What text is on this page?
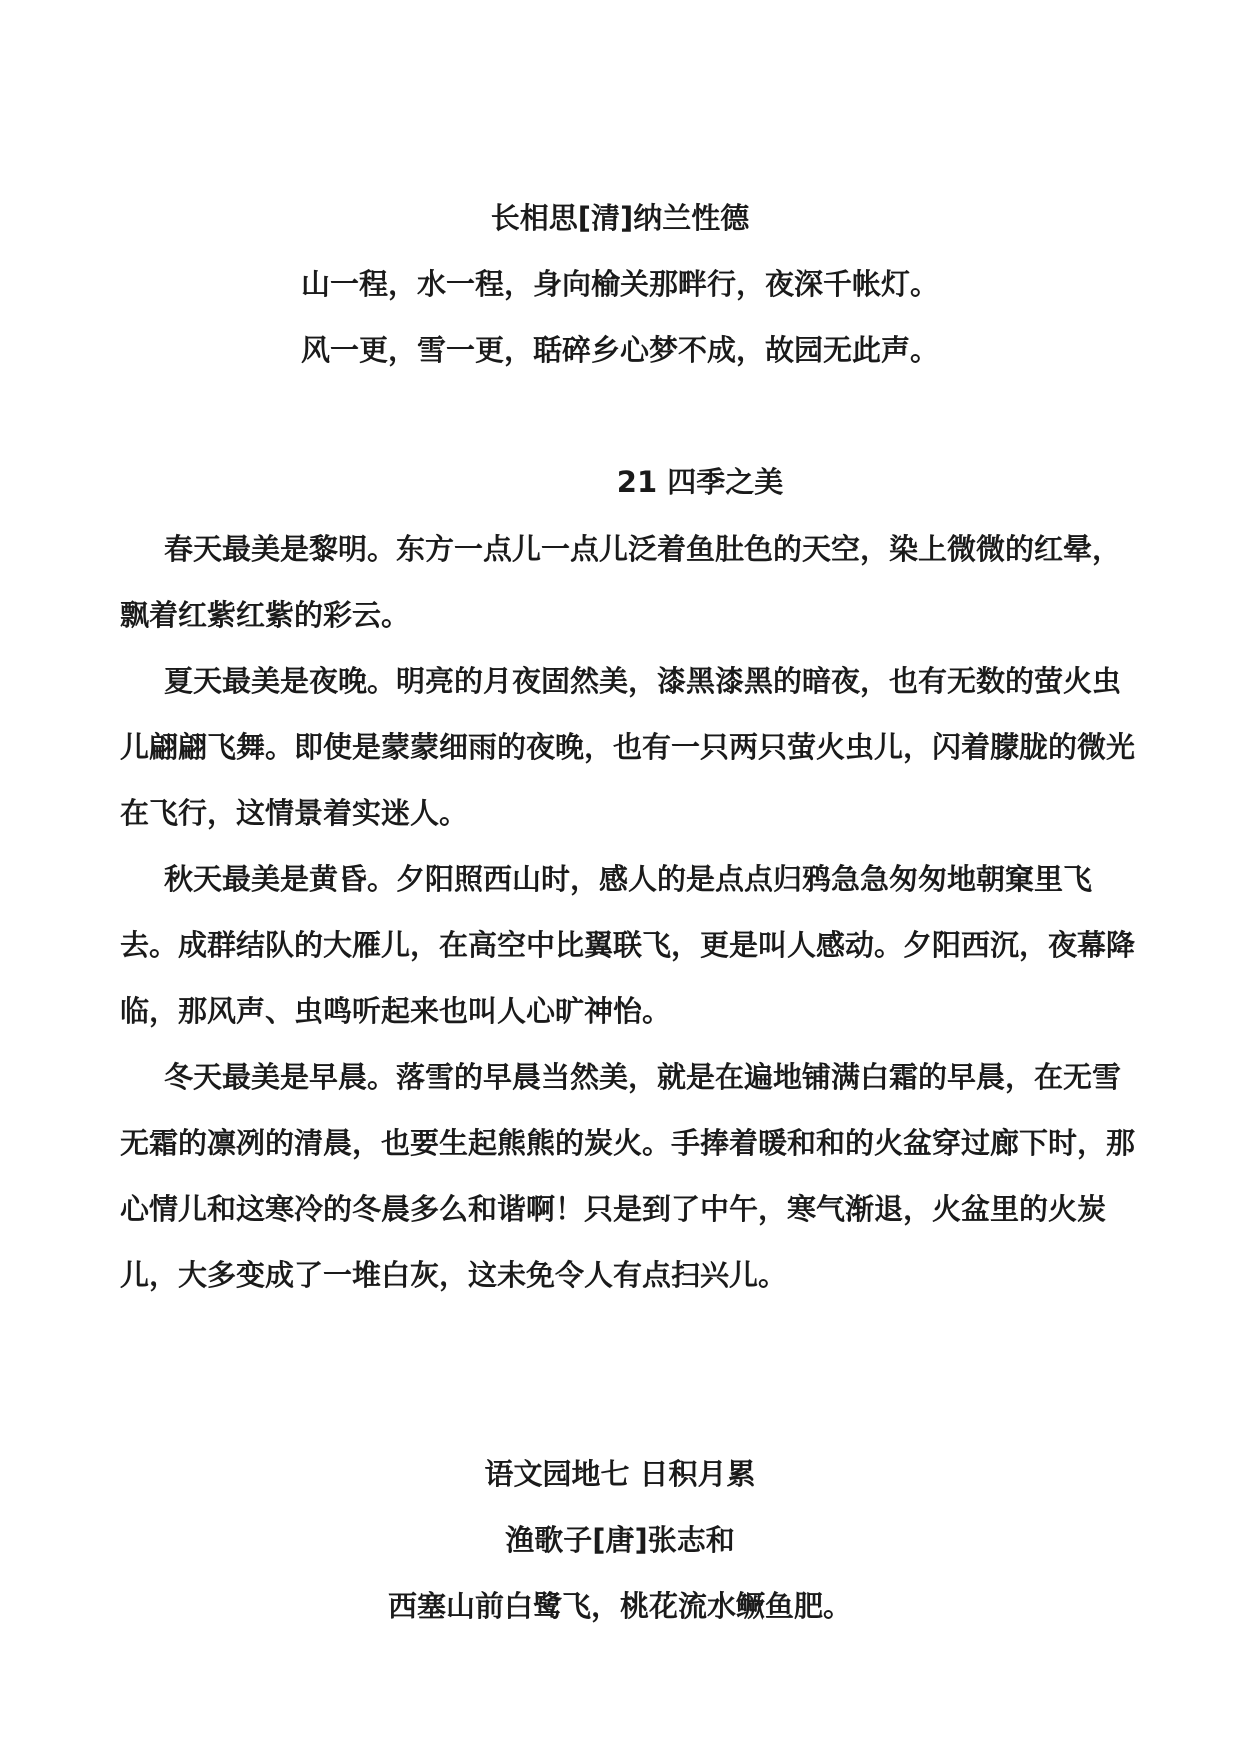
长相思[清]纳兰性德
山一程，水一程，身向榆关那畔行，夜深千帐灯。
风一更，雪一更，聒碎乡心梦不成，故园无此声。
21 四季之美
春天最美是黎明。东方一点儿一点儿泛着鱼肚色的天空，染上微微的红晕，飘着红紫红紫的彩云。
夏天最美是夜晚。明亮的月夜固然美，漆黑漆黑的暗夜，也有无数的萤火虫儿翩翩飞舞。即使是蒙蒙细雨的夜晚，也有一只两只萤火虫儿，闪着朦胧的微光在飞行，这情景着实迷人。
秋天最美是黄昏。夕阳照西山时，感人的是点点归鸦急急匆匆地朝窠里飞去。成群结队的大雁儿，在高空中比翼联飞，更是叫人感动。夕阳西沉，夜幕降临，那风声、虫鸣听起来也叫人心旷神怡。
冬天最美是早晨。落雪的早晨当然美，就是在遍地铺满白霜的早晨，在无雪无霜的凛冽的清晨，也要生起熊熊的炭火。手捧着暖和和的火盆穿过廊下时，那心情儿和这寒冷的冬晨多么和谐啊！只是到了中午，寒气渐退，火盆里的火炭儿，大多变成了一堆白灰，这未免令人有点扫兴儿。
语文园地七 日积月累
渔歌子[唐]张志和
西塞山前白鹭飞，桃花流水鳜鱼肥。
